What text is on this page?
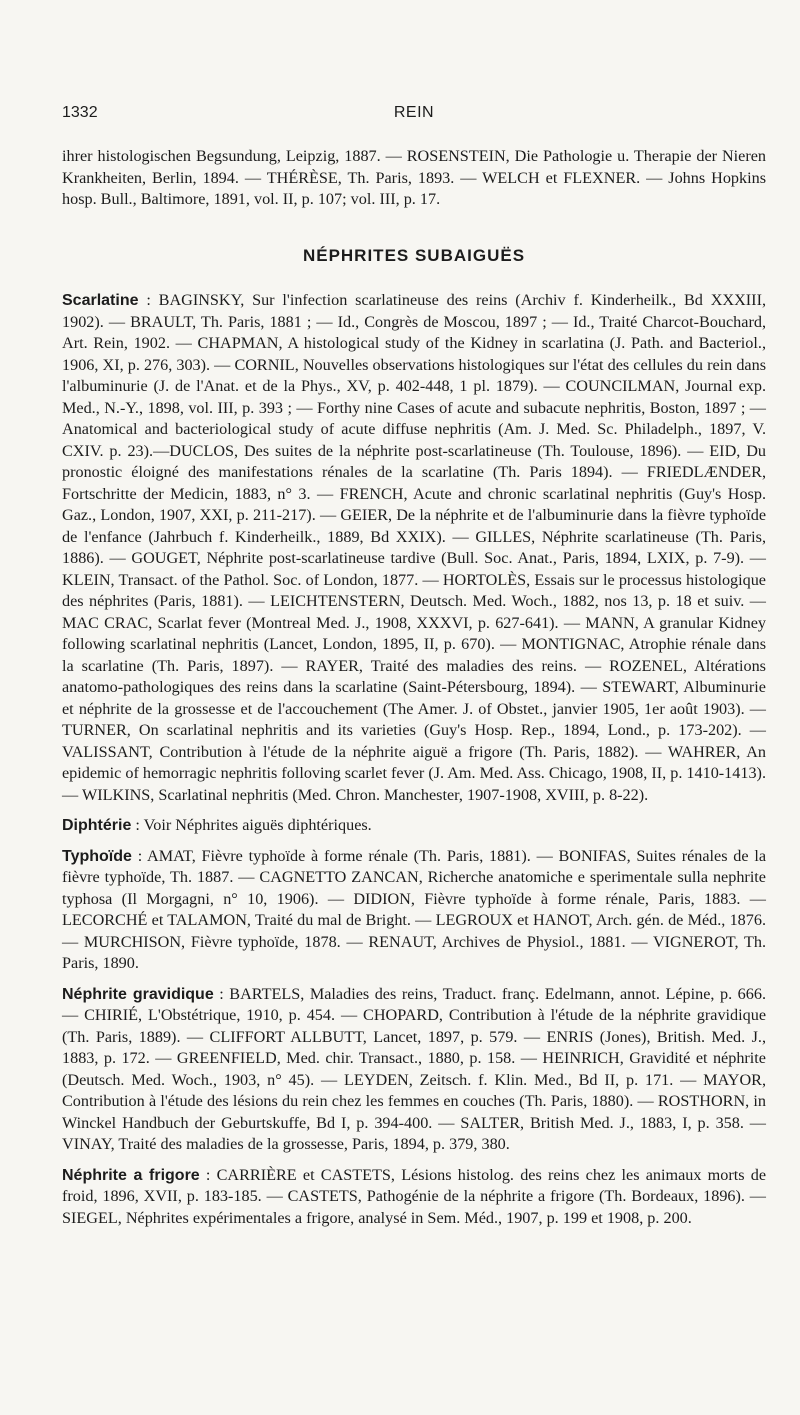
1332	REIN

ihrer histologischen Begsundung, Leipzig, 1887. — ROSENSTEIN, Die Pathologie u. Therapie der Nieren Krankheiten, Berlin, 1894. — THÉRÈSE, Th. Paris, 1893. — WELCH et FLEXNER. — Johns Hopkins hosp. Bull., Baltimore, 1891, vol. II, p. 107; vol. III, p. 17.

NÉPHRITES SUBAIGUËS

Scarlatine : BAGINSKY, Sur l'infection scarlatineuse des reins (Archiv f. Kinderheilk., Bd XXXIII, 1902). — BRAULT, Th. Paris, 1881 ; — Id., Congrès de Moscou, 1897 ; — Id., Traité Charcot-Bouchard, Art. Rein, 1902. — CHAPMAN, A histological study of the Kidney in scarlatina (J. Path. and Bacteriol., 1906, XI, p. 276, 303). — CORNIL, Nouvelles observations histologiques sur l'état des cellules du rein dans l'albuminurie (J. de l'Anat. et de la Phys., XV, p. 402-448, 1 pl. 1879). — COUNCILMAN, Journal exp. Med., N.-Y., 1898, vol. III, p. 393 ; — Forthy nine Cases of acute and subacute nephritis, Boston, 1897 ; — Anatomical and bacteriological study of acute diffuse nephritis (Am. J. Med. Sc. Philadelph., 1897, V. CXIV. p. 23).—DUCLOS, Des suites de la néphrite post-scarlatineuse (Th. Toulouse, 1896). — EID, Du pronostic éloigné des manifestations rénales de la scarlatine (Th. Paris 1894). — FRIEDLÆNDER, Fortschritte der Medicin, 1883, n° 3. — FRENCH, Acute and chronic scarlatinal nephritis (Guy's Hosp. Gaz., London, 1907, XXI, p. 211-217). — GEIER, De la néphrite et de l'albuminurie dans la fièvre typhoïde de l'enfance (Jahrbuch f. Kinderheilk., 1889, Bd XXIX). — GILLES, Néphrite scarlatineuse (Th. Paris, 1886). — GOUGET, Néphrite post-scarlatineuse tardive (Bull. Soc. Anat., Paris, 1894, LXIX, p. 7-9). — KLEIN, Transact. of the Pathol. Soc. of London, 1877. — HORTOLÈS, Essais sur le processus histologique des néphrites (Paris, 1881). — LEICHTENSTERN, Deutsch. Med. Woch., 1882, nos 13, p. 18 et suiv. — MAC CRAC, Scarlat fever (Montreal Med. J., 1908, XXXVI, p. 627-641). — MANN, A granular Kidney following scarlatinal nephritis (Lancet, London, 1895, II, p. 670). — MONTIGNAC, Atrophie rénale dans la scarlatine (Th. Paris, 1897). — RAYER, Traité des maladies des reins. — ROZENEL, Altérations anatomo-pathologiques des reins dans la scarlatine (Saint-Pétersbourg, 1894). — STEWART, Albuminurie et néphrite de la grossesse et de l'accouchement (The Amer. J. of Obstet., janvier 1905, 1er août 1903). — TURNER, On scarlatinal nephritis and its varieties (Guy's Hosp. Rep., 1894, Lond., p. 173-202). — VALISSANT, Contribution à l'étude de la néphrite aiguë a frigore (Th. Paris, 1882). — WAHRER, An epidemic of hemorragic nephritis folloving scarlet fever (J. Am. Med. Ass. Chicago, 1908, II, p. 1410-1413). — WILKINS, Scarlatinal nephritis (Med. Chron. Manchester, 1907-1908, XVIII, p. 8-22).

Diphtérie : Voir Néphrites aiguës diphtériques.

Typhoïde : AMAT, Fièvre typhoïde à forme rénale (Th. Paris, 1881). — BONIFAS, Suites rénales de la fièvre typhoïde, Th. 1887. — CAGNETTO ZANCAN, Richerche anatomiche e sperimentale sulla nephrite typhosa (Il Morgagni, n° 10, 1906). — DIDION, Fièvre typhoïde à forme rénale, Paris, 1883. — LECORCHÉ et TALAMON, Traité du mal de Bright. — LEGROUX et HANOT, Arch. gén. de Méd., 1876. — MURCHISON, Fièvre typhoïde, 1878. — RENAUT, Archives de Physiol., 1881. — VIGNEROT, Th. Paris, 1890.

Néphrite gravidique : BARTELS, Maladies des reins, Traduct. franç. Edelmann, annot. Lépine, p. 666. — CHIRIÉ, L'Obstétrique, 1910, p. 454. — CHOPARD, Contribution à l'étude de la néphrite gravidique (Th. Paris, 1889). — CLIFFORT ALLBUTT, Lancet, 1897, p. 579. — ENRIS (Jones), British. Med. J., 1883, p. 172. — GREENFIELD, Med. chir. Transact., 1880, p. 158. — HEINRICH, Gravidité et néphrite (Deutsch. Med. Woch., 1903, n° 45). — LEYDEN, Zeitsch. f. Klin. Med., Bd II, p. 171. — MAYOR, Contribution à l'étude des lésions du rein chez les femmes en couches (Th. Paris, 1880). — ROSTHORN, in Winckel Handbuch der Geburtskuffe, Bd I, p. 394-400. — SALTER, British Med. J., 1883, I, p. 358. — VINAY, Traité des maladies de la grossesse, Paris, 1894, p. 379, 380.

Néphrite a frigore : CARRIÈRE et CASTETS, Lésions histolog. des reins chez les animaux morts de froid, 1896, XVII, p. 183-185. — CASTETS, Pathogénie de la néphrite a frigore (Th. Bordeaux, 1896). — SIEGEL, Néphrites expérimentales a frigore, analysé in Sem. Méd., 1907, p. 199 et 1908, p. 200.
